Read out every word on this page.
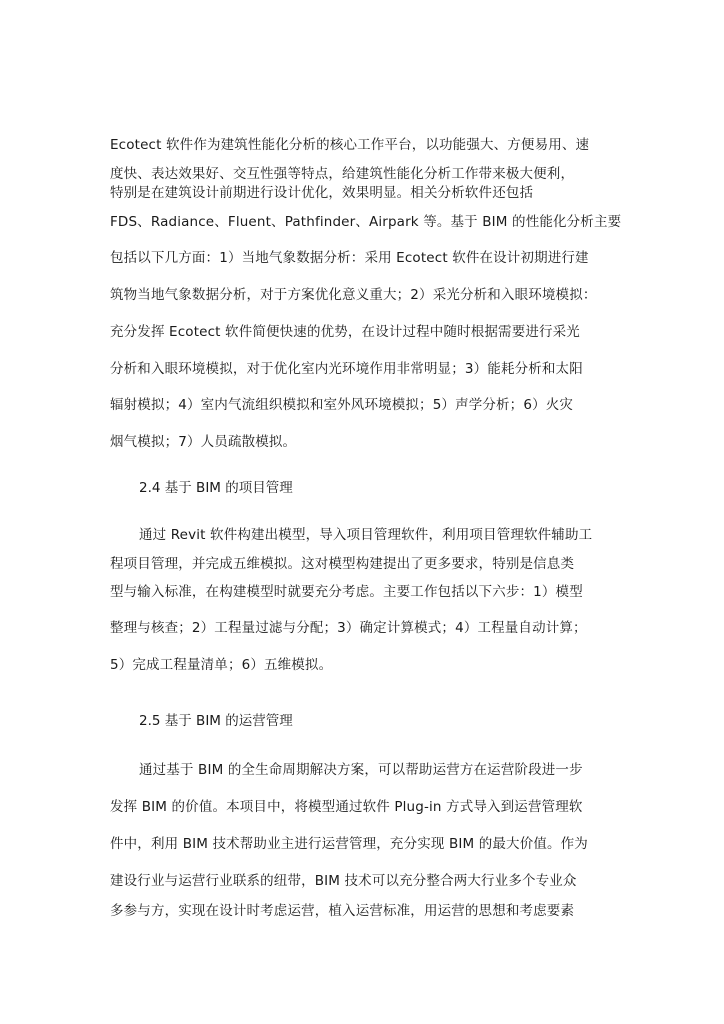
Ecotect 软件作为建筑性能化分析的核心工作平台，以功能强大、方便易用、速
度快、表达效果好、交互性强等特点，给建筑性能化分析工作带来极大便利，
特别是在建筑设计前期进行设计优化，效果明显。相关分析软件还包括
FDS、Radiance、Fluent、Pathfinder、Airpark 等。基于 BIM 的性能化分析主要
包括以下几方面：1）当地气象数据分析：采用 Ecotect 软件在设计初期进行建
筑物当地气象数据分析，对于方案优化意义重大；2）采光分析和入眼环境模拟：
充分发挥 Ecotect 软件简便快速的优势，在设计过程中随时根据需要进行采光
分析和入眼环境模拟，对于优化室内光环境作用非常明显；3）能耗分析和太阳
辐射模拟；4）室内气流组织模拟和室外风环境模拟；5）声学分析；6）火灾
烟气模拟；7）人员疏散模拟。
2.4 基于 BIM 的项目管理
通过 Revit 软件构建出模型，导入项目管理软件，利用项目管理软件辅助工
程项目管理，并完成五维模拟。这对模型构建提出了更多要求，特别是信息类
型与输入标准，在构建模型时就要充分考虑。主要工作包括以下六步：1）模型
整理与核查；2）工程量过滤与分配；3）确定计算模式；4）工程量自动计算；
5）完成工程量清单；6）五维模拟。
2.5 基于 BIM 的运营管理
通过基于 BIM 的全生命周期解决方案，可以帮助运营方在运营阶段进一步
发挥 BIM 的价值。本项目中，将模型通过软件 Plug-in 方式导入到运营管理软
件中，利用 BIM 技术帮助业主进行运营管理，充分实现 BIM 的最大价值。作为
建设行业与运营行业联系的纽带，BIM 技术可以充分整合两大行业多个专业众
多参与方，实现在设计时考虑运营，植入运营标准，用运营的思想和考虑要素
